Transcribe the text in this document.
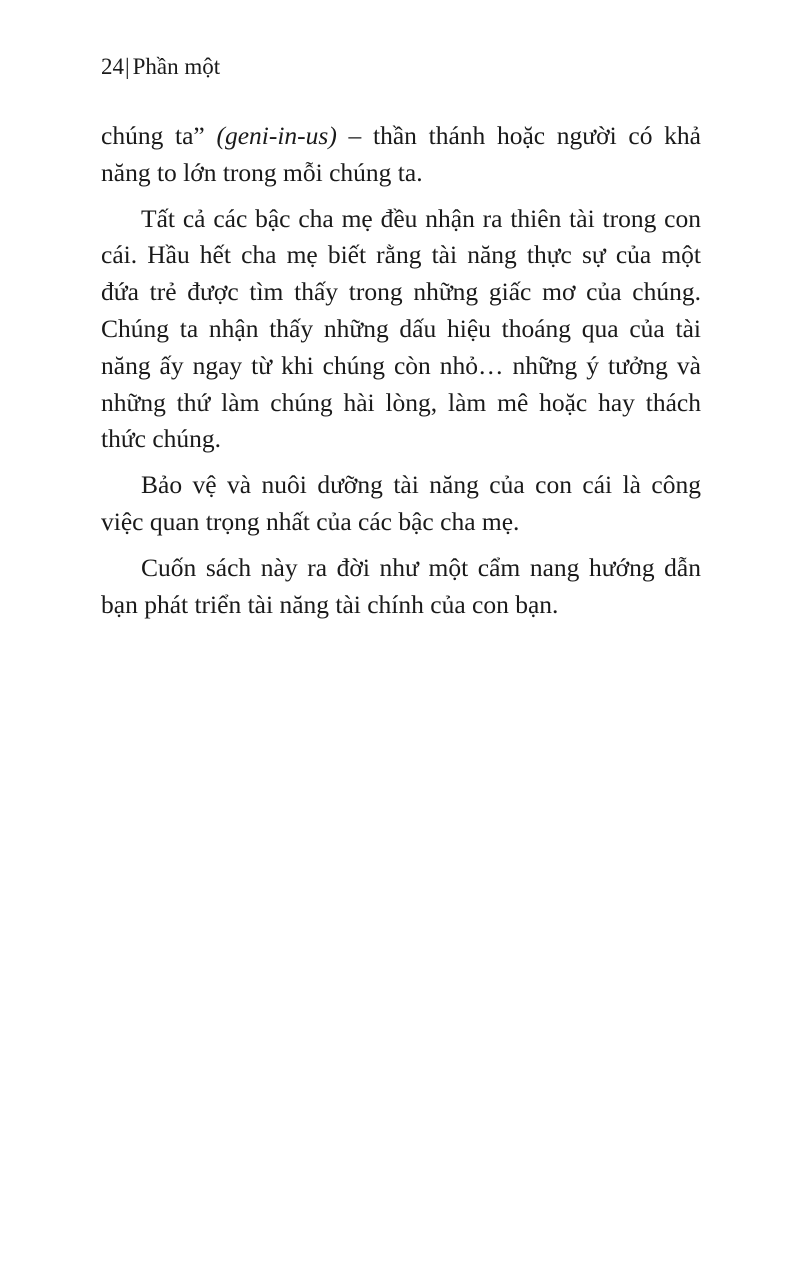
24| Phần một

chúng ta” (geni-in-us) – thần thánh hoặc người có khả
năng to lớn trong mỗi chúng ta.

Tất cả các bậc cha mẹ đều nhận ra thiên tài trong con
cái. Hầu hết cha mẹ biết rằng tài năng thực sự của một
đứa trẻ được tìm thấy trong những giấc mơ của chúng.
Chúng ta nhận thấy những dấu hiệu thoáng qua của tài
năng ấy ngay từ khi chúng còn nhỏ… những ý tưởng và
những thứ làm chúng hài lòng, làm mê hoặc hay thách
thức chúng.

Bảo vệ và nuôi dưỡng tài năng của con cái là công
việc quan trọng nhất của các bậc cha mẹ.

Cuốn sách này ra đời như một cẩm nang hướng dẫn
bạn phát triển tài năng tài chính của con bạn.
